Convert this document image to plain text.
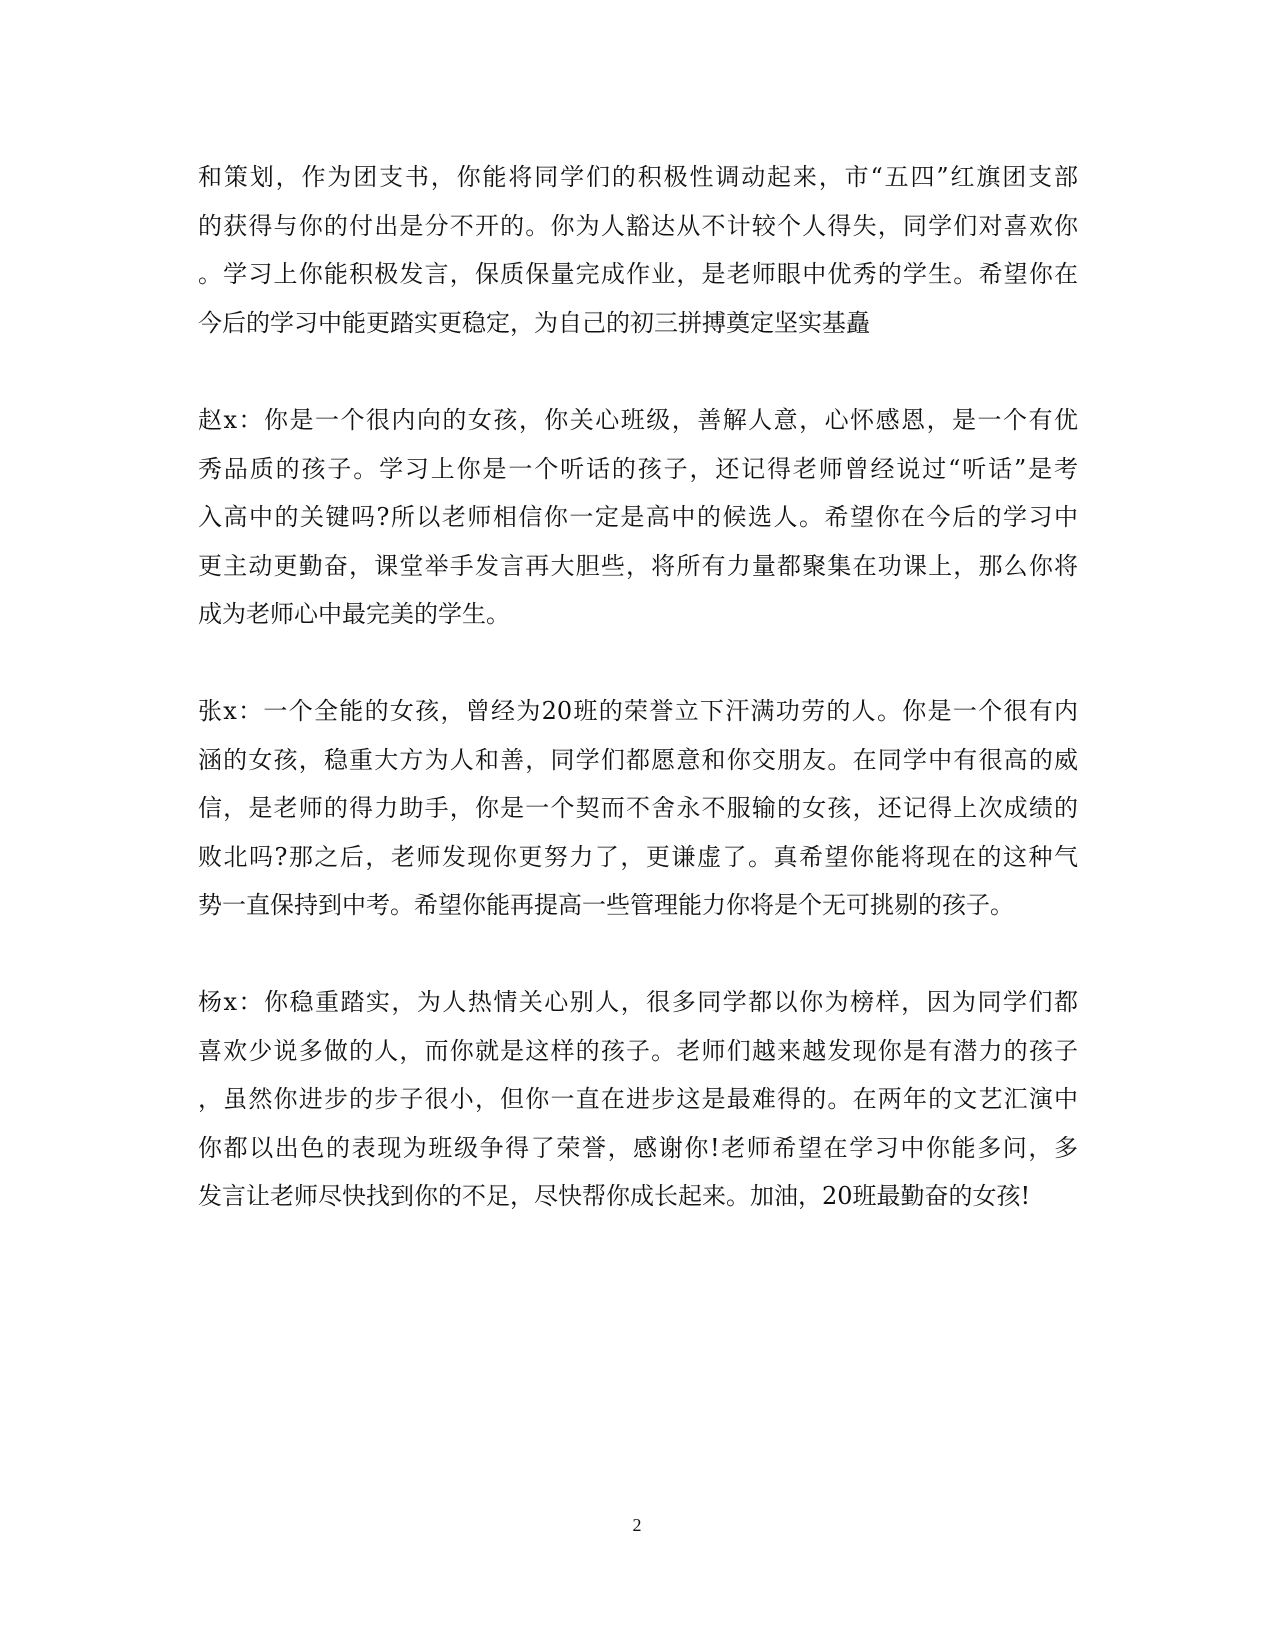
和策划，作为团支书，你能将同学们的积极性调动起来，市“五四”红旗团支部
的获得与你的付出是分不开的。你为人豁达从不计较个人得失，同学们对喜欢你
。学习上你能积极发言，保质保量完成作业，是老师眼中优秀的学生。希望你在
今后的学习中能更踏实更稳定，为自己的初三拼搏奠定坚实基矗
赵x：你是一个很内向的女孩，你关心班级，善解人意，心怀感恩，是一个有优
秀品质的孩子。学习上你是一个听话的孩子，还记得老师曾经说过“听话”是考
入高中的关键吗?所以老师相信你一定是高中的候选人。希望你在今后的学习中
更主动更勤奋，课堂举手发言再大胆些，将所有力量都聚集在功课上，那么你将
成为老师心中最完美的学生。
张x：一个全能的女孩，曾经为20班的荣誉立下汗满功劳的人。你是一个很有内
涵的女孩，稳重大方为人和善，同学们都愿意和你交朋友。在同学中有很高的威
信，是老师的得力助手，你是一个契而不舍永不服输的女孩，还记得上次成绩的
败北吗?那之后，老师发现你更努力了，更谦虚了。真希望你能将现在的这种气
势一直保持到中考。希望你能再提高一些管理能力你将是个无可挑剔的孩子。
杨x：你稳重踏实，为人热情关心别人，很多同学都以你为榜样，因为同学们都
喜欢少说多做的人，而你就是这样的孩子。老师们越来越发现你是有潜力的孩子
，虽然你进步的步子很小，但你一直在进步这是最难得的。在两年的文艺汇演中
你都以出色的表现为班级争得了荣誉，感谢你!老师希望在学习中你能多问，多
发言让老师尽快找到你的不足，尽快帮你成长起来。加油，20班最勤奋的女孩!
2
